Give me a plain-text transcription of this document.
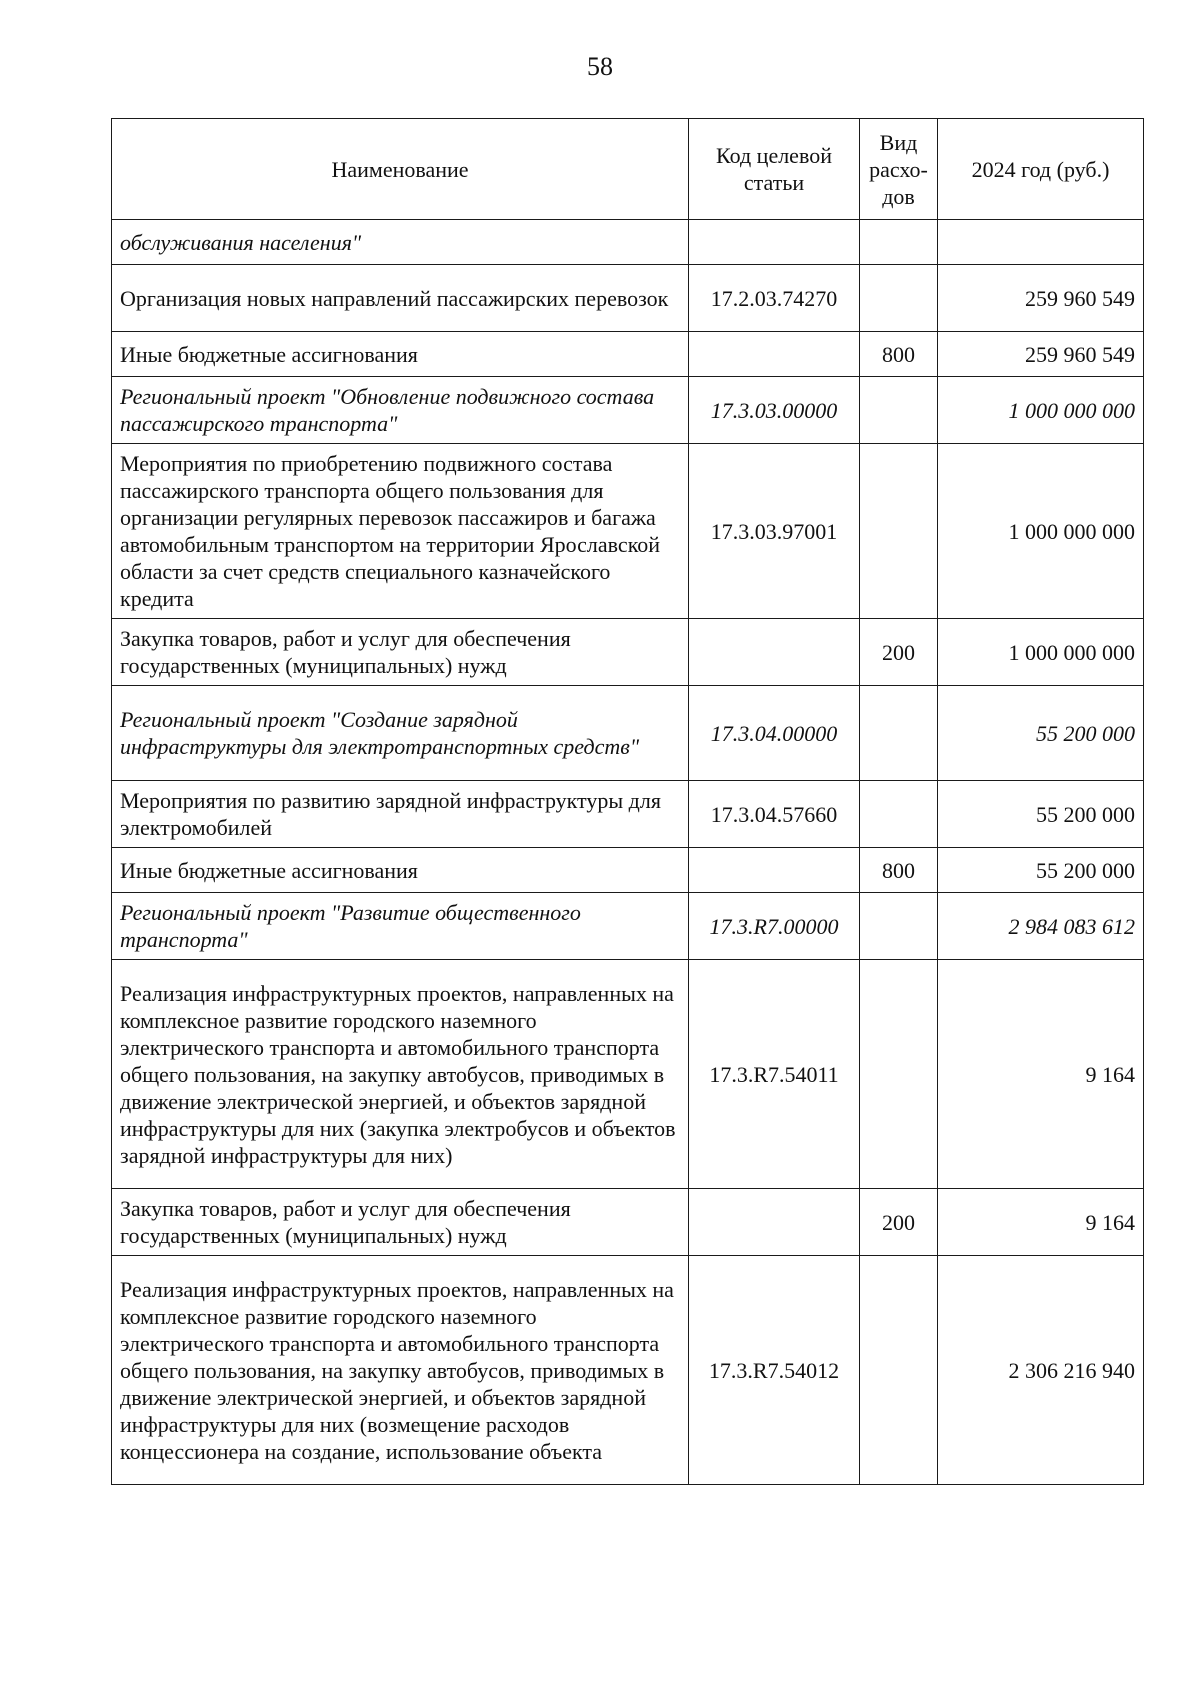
58
Наименование	Код целевой статьи	Вид расхо-дов	2024 год (руб.)
обслуживания населения"			
Организация новых направлений пассажирских перевозок	17.2.03.74270		259 960 549
Иные бюджетные ассигнования		800	259 960 549
Региональный проект "Обновление подвижного состава пассажирского транспорта"	17.3.03.00000		1 000 000 000
Мероприятия по приобретению подвижного состава пассажирского транспорта общего пользования для организации регулярных перевозок пассажиров и багажа автомобильным транспортом на территории Ярославской области за счет средств специального казначейского кредита	17.3.03.97001		1 000 000 000
Закупка товаров, работ и услуг для обеспечения государственных (муниципальных) нужд		200	1 000 000 000
Региональный проект "Создание зарядной инфраструктуры для электротранспортных средств"	17.3.04.00000		55 200 000
Мероприятия по развитию зарядной инфраструктуры для электромобилей	17.3.04.57660		55 200 000
Иные бюджетные ассигнования		800	55 200 000
Региональный проект "Развитие общественного транспорта"	17.3.R7.00000		2 984 083 612
Реализация инфраструктурных проектов, направленных на комплексное развитие городского наземного электрического транспорта и автомобильного транспорта общего пользования, на закупку автобусов, приводимых в движение электрической энергией, и объектов зарядной инфраструктуры для них (закупка электробусов и объектов зарядной инфраструктуры для них)	17.3.R7.54011		9 164
Закупка товаров, работ и услуг для обеспечения государственных (муниципальных) нужд		200	9 164
Реализация инфраструктурных проектов, направленных на комплексное развитие городского наземного электрического транспорта и автомобильного транспорта общего пользования, на закупку автобусов, приводимых в движение электрической энергией, и объектов зарядной инфраструктуры для них (возмещение расходов концессионера на создание, использование объекта	17.3.R7.54012		2 306 216 940
